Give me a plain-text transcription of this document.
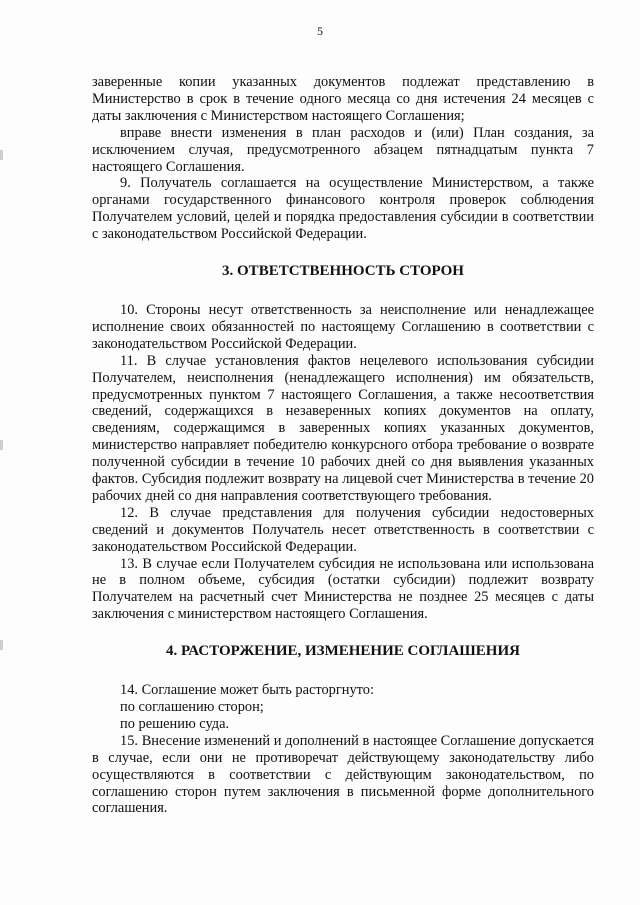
5

заверенные копии указанных документов подлежат представлению в Министерство в срок в течение одного месяца со дня истечения 24 месяцев с даты заключения с Министерством настоящего Соглашения;

вправе внести изменения в план расходов и (или) План создания, за исключением случая, предусмотренного абзацем пятнадцатым пункта 7 настоящего Соглашения.

9. Получатель соглашается на осуществление Министерством, а также органами государственного финансового контроля проверок соблюдения Получателем условий, целей и порядка предоставления субсидии в соответствии с законодательством Российской Федерации.

3. ОТВЕТСТВЕННОСТЬ СТОРОН

10. Стороны несут ответственность за неисполнение или ненадлежащее исполнение своих обязанностей по настоящему Соглашению в соответствии с законодательством Российской Федерации.

11. В случае установления фактов нецелевого использования субсидии Получателем, неисполнения (ненадлежащего исполнения) им обязательств, предусмотренных пунктом 7 настоящего Соглашения, а также несоответствия сведений, содержащихся в незаверенных копиях документов на оплату, сведениям, содержащимся в заверенных копиях указанных документов, министерство направляет победителю конкурсного отбора требование о возврате полученной субсидии в течение 10 рабочих дней со дня выявления указанных фактов. Субсидия подлежит возврату на лицевой счет Министерства в течение 20 рабочих дней со дня направления соответствующего требования.

12. В случае представления для получения субсидии недостоверных сведений и документов Получатель несет ответственность в соответствии с законодательством Российской Федерации.

13. В случае если Получателем субсидия не использована или использована не в полном объеме, субсидия (остатки субсидии) подлежит возврату Получателем на расчетный счет Министерства не позднее 25 месяцев с даты заключения с министерством настоящего Соглашения.

4. РАСТОРЖЕНИЕ, ИЗМЕНЕНИЕ СОГЛАШЕНИЯ

14. Соглашение может быть расторгнуто:

по соглашению сторон;

по решению суда.

15. Внесение изменений и дополнений в настоящее Соглашение допускается в случае, если они не противоречат действующему законодательству либо осуществляются в соответствии с действующим законодательством, по соглашению сторон путем заключения в письменной форме дополнительного соглашения.
